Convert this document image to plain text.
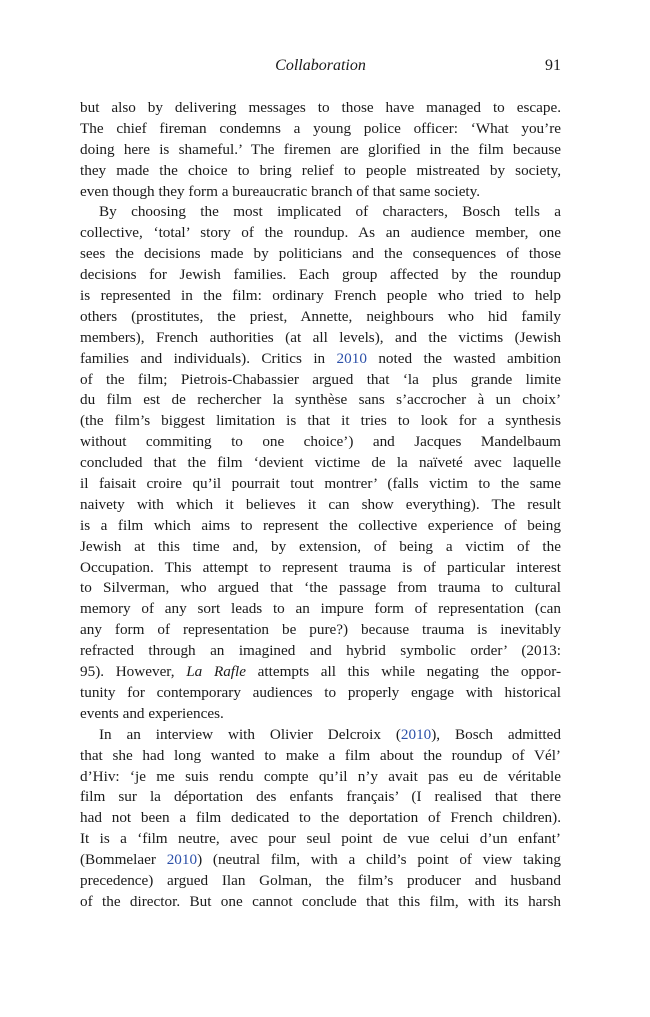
Collaboration	91
but also by delivering messages to those have managed to escape.
The chief fireman condemns a young police officer: ‘What you’re
doing here is shameful.’ The firemen are glorified in the film because
they made the choice to bring relief to people mistreated by society,
even though they form a bureaucratic branch of that same society.
By choosing the most implicated of characters, Bosch tells a
collective, ‘total’ story of the roundup. As an audience member, one
sees the decisions made by politicians and the consequences of those
decisions for Jewish families. Each group affected by the roundup
is represented in the film: ordinary French people who tried to help
others (prostitutes, the priest, Annette, neighbours who hid family
members), French authorities (at all levels), and the victims (Jewish
families and individuals). Critics in 2010 noted the wasted ambition
of the film; Pietrois-Chabassier argued that ‘la plus grande limite
du film est de rechercher la synthèse sans s’accrocher à un choix’
(the film’s biggest limitation is that it tries to look for a synthesis
without commiting to one choice’) and Jacques Mandelbaum
concluded that the film ‘devient victime de la naïveté avec laquelle
il faisait croire qu’il pourrait tout montrer’ (falls victim to the same
naivety with which it believes it can show everything). The result
is a film which aims to represent the collective experience of being
Jewish at this time and, by extension, of being a victim of the
Occupation. This attempt to represent trauma is of particular interest
to Silverman, who argued that ‘the passage from trauma to cultural
memory of any sort leads to an impure form of representation (can
any form of representation be pure?) because trauma is inevitably
refracted through an imagined and hybrid symbolic order’ (2013:
95). However, La Rafle attempts all this while negating the oppor-
tunity for contemporary audiences to properly engage with historical
events and experiences.
In an interview with Olivier Delcroix (2010), Bosch admitted
that she had long wanted to make a film about the roundup of Vél’
d’Hiv: ‘je me suis rendu compte qu’il n’y avait pas eu de véritable
film sur la déportation des enfants français’ (I realised that there
had not been a film dedicated to the deportation of French children).
It is a ‘film neutre, avec pour seul point de vue celui d’un enfant’
(Bommelaer 2010) (neutral film, with a child’s point of view taking
precedence) argued Ilan Golman, the film’s producer and husband
of the director. But one cannot conclude that this film, with its harsh
